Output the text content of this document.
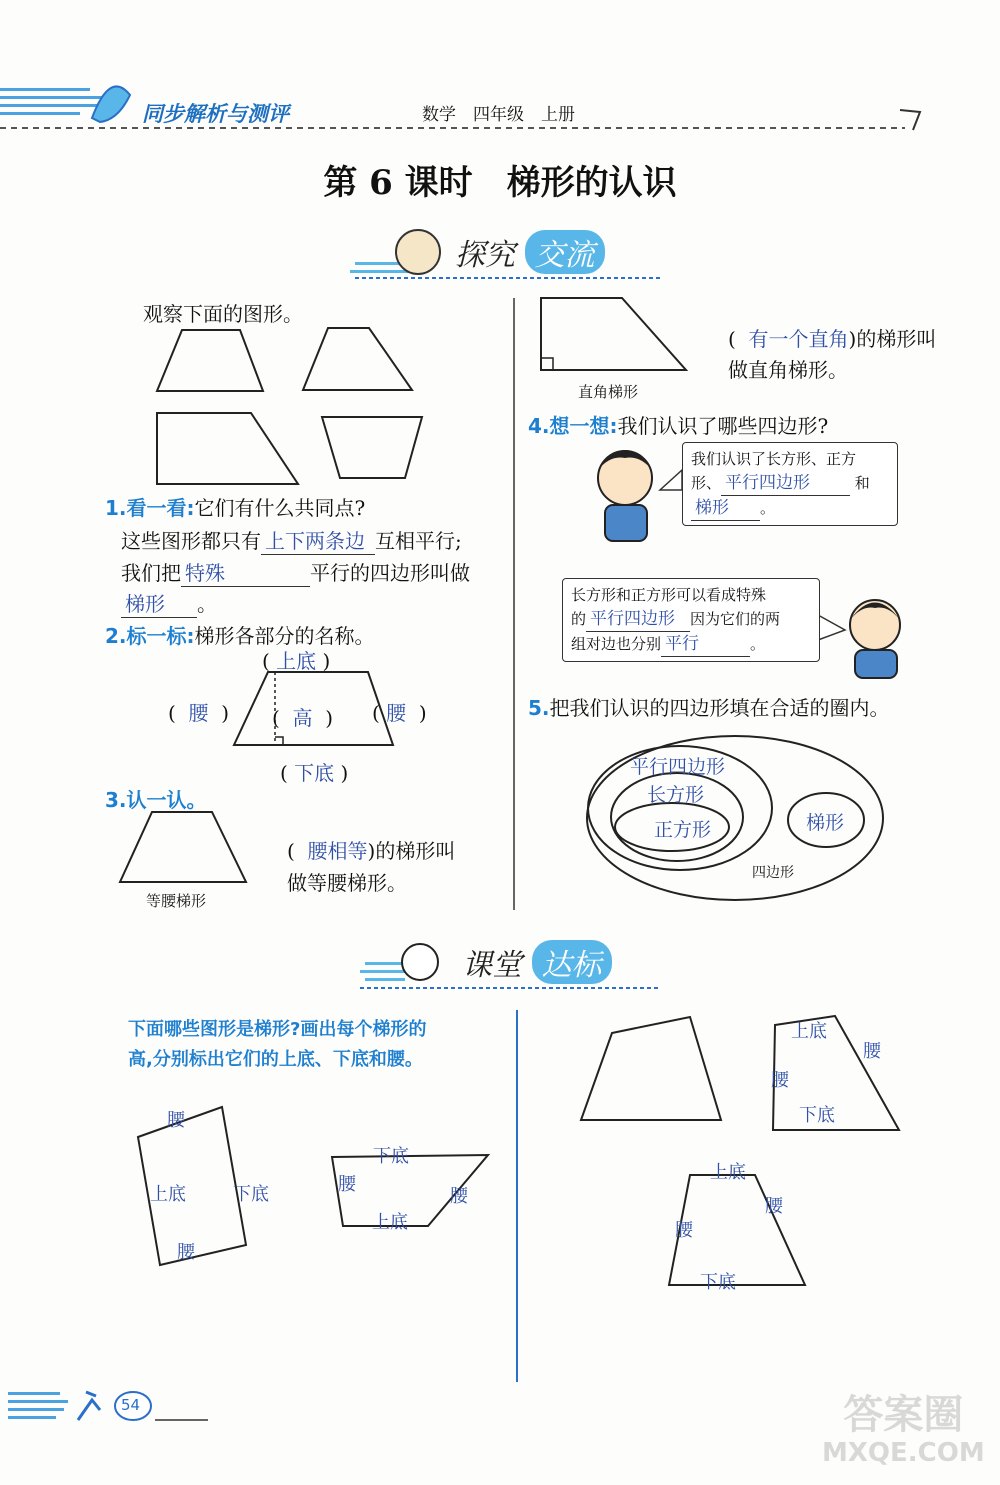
同步解析与测评	数学　四年级　上册
第 6 课时　梯形的认识
探究 交流
观察下面的图形。
1.看一看:它们有什么共同点?
这些图形都只有 上下两条边 互相平行;
我们把 特殊	平行的四边形叫做
梯形 。
2.标一标:梯形各部分的名称。
( 上底 )
(  腰  ) (  高  ) ( 腰  )
( 下底 )
3.认一认。
等腰梯形
(  腰相等)的梯形叫
做等腰梯形。
直角梯形
(  有一个直角)的梯形叫
做直角梯形。
4.想一想:我们认识了哪些四边形?
我们认识了长方形、正方
形、 平行四边形	和
梯形 。
长方形和正方形可以看成特殊
的 平行四边形 因为它们的两
组对边也分别 平行	。
5.把我们认识的四边形填在合适的圈内。
平行四边形
长方形
正方形	梯形
四边形
课堂 达标
下面哪些图形是梯形?画出每个梯形的
高,分别标出它们的上底、下底和腰。
腰
上底	下底
腰
下底
腰
腰
上底
上底
腰
腰
下底
上底
腰
腰
下底
54	答案圈
MXQE.COM
